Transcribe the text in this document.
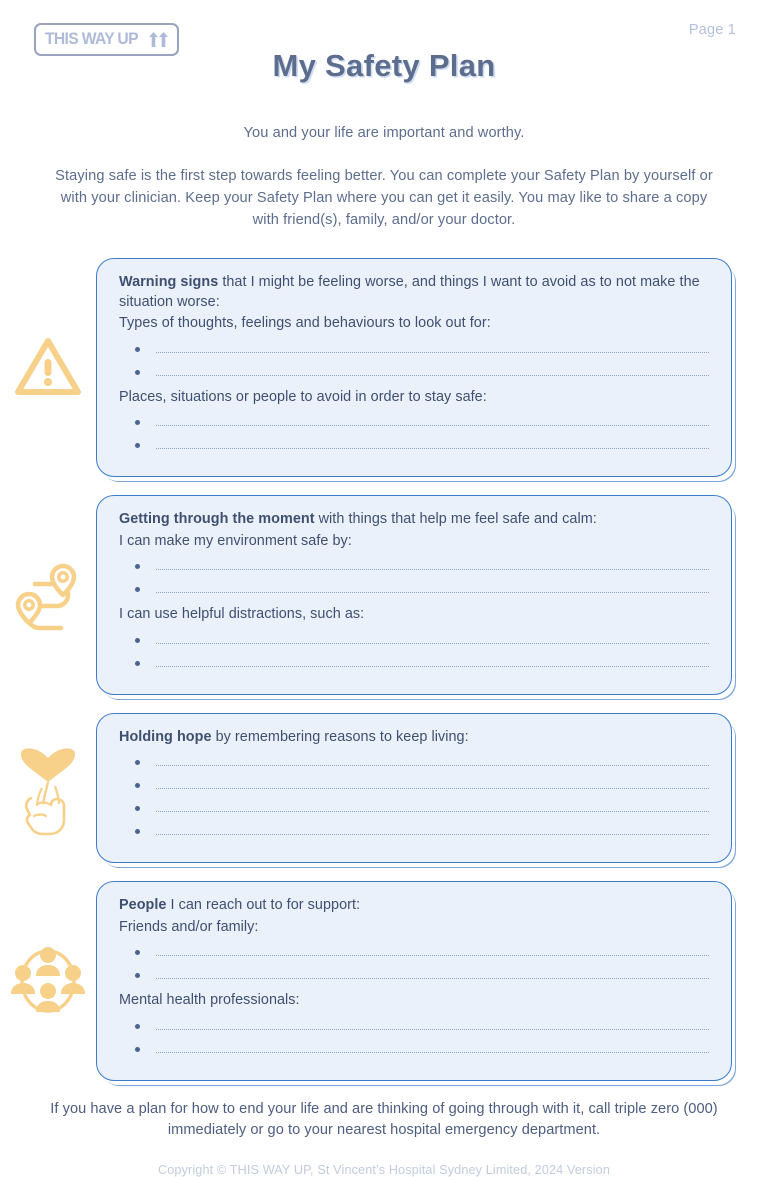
THIS WAY UP	Page 1
My Safety Plan
You and your life are important and worthy.
Staying safe is the first step towards feeling better. You can complete your Safety Plan by yourself or with your clinician. Keep your Safety Plan where you can get it easily. You may like to share a copy with friend(s), family, and/or your doctor.
Warning signs that I might be feeling worse, and things I want to avoid as to not make the situation worse:
Types of thoughts, feelings and behaviours to look out for:
Places, situations or people to avoid in order to stay safe:
Getting through the moment with things that help me feel safe and calm:
I can make my environment safe by:
I can use helpful distractions, such as:
Holding hope by remembering reasons to keep living:
People I can reach out to for support:
Friends and/or family:
Mental health professionals:
If you have a plan for how to end your life and are thinking of going through with it, call triple zero (000) immediately or go to your nearest hospital emergency department.
Copyright © THIS WAY UP, St Vincent’s Hospital Sydney Limited, 2024 Version
